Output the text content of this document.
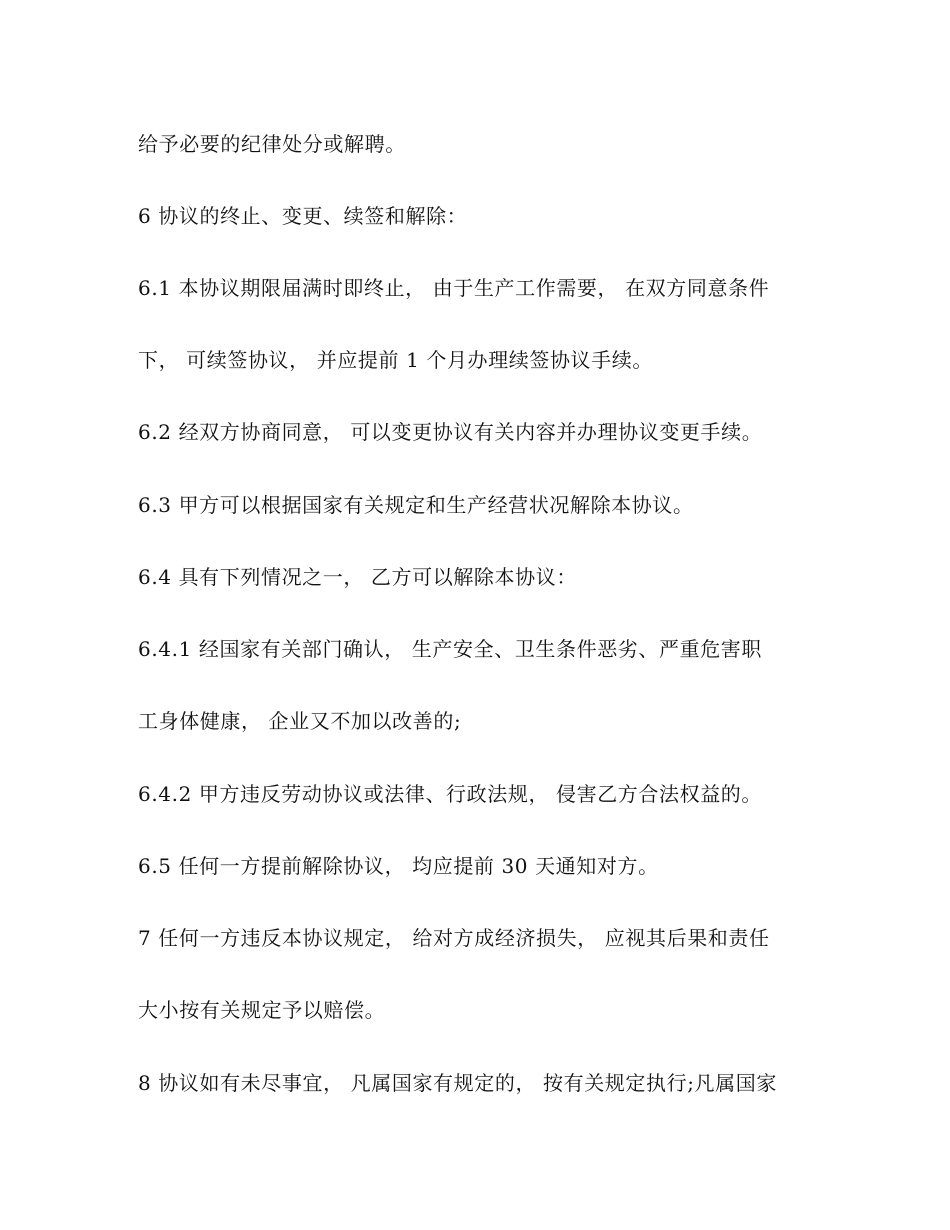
给予必要的纪律处分或解聘。
6 协议的终止、变更、续签和解除：
6.1 本协议期限届满时即终止， 由于生产工作需要， 在双方同意条件
下， 可续签协议， 并应提前 1 个月办理续签协议手续。
6.2 经双方协商同意， 可以变更协议有关内容并办理协议变更手续。
6.3 甲方可以根据国家有关规定和生产经营状况解除本协议。
6.4 具有下列情况之一， 乙方可以解除本协议：
6.4.1 经国家有关部门确认， 生产安全、卫生条件恶劣、严重危害职
工身体健康， 企业又不加以改善的;
6.4.2 甲方违反劳动协议或法律、行政法规， 侵害乙方合法权益的。
6.5 任何一方提前解除协议， 均应提前 30 天通知对方。
7 任何一方违反本协议规定， 给对方成经济损失， 应视其后果和责任
大小按有关规定予以赔偿。
8 协议如有未尽事宜， 凡属国家有规定的， 按有关规定执行;凡属国家
